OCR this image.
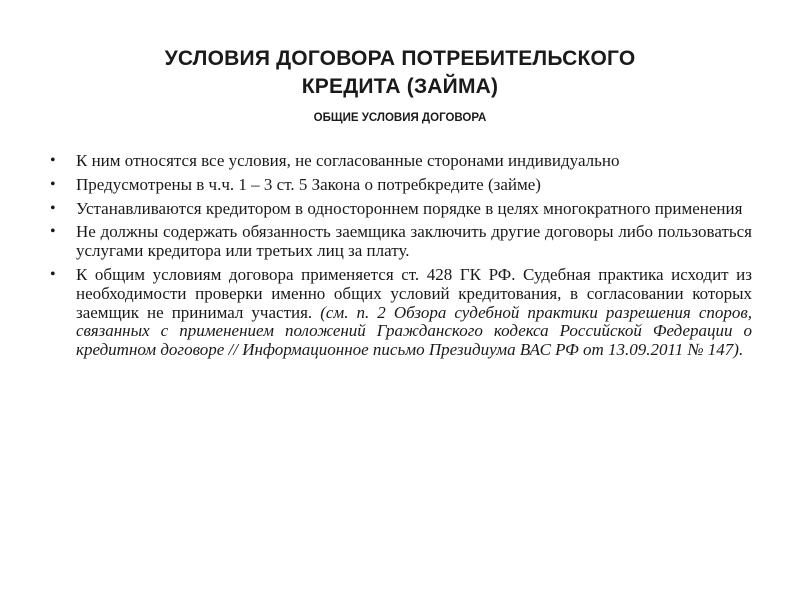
УСЛОВИЯ ДОГОВОРА ПОТРЕБИТЕЛЬСКОГО
КРЕДИТА (ЗАЙМА)
ОБЩИЕ УСЛОВИЯ ДОГОВОРА
• К ним относятся все условия, не согласованные сторонами индивидуально
• Предусмотрены в ч.ч. 1 – 3 ст. 5 Закона о потребкредите (займе)
• Устанавливаются кредитором в одностороннем порядке в целях многократного применения
• Не должны содержать обязанность заемщика заключить другие договоры либо пользоваться услугами кредитора или третьих лиц за плату.
• К общим условиям договора применяется ст. 428 ГК РФ. Судебная практика исходит из необходимости проверки именно общих условий кредитования, в согласовании которых заемщик не принимал участия. (см. п. 2 Обзора судебной практики разрешения споров, связанных с применением положений Гражданского кодекса Российской Федерации о кредитном договоре // Информационное письмо Президиума ВАС РФ от 13.09.2011 № 147).
